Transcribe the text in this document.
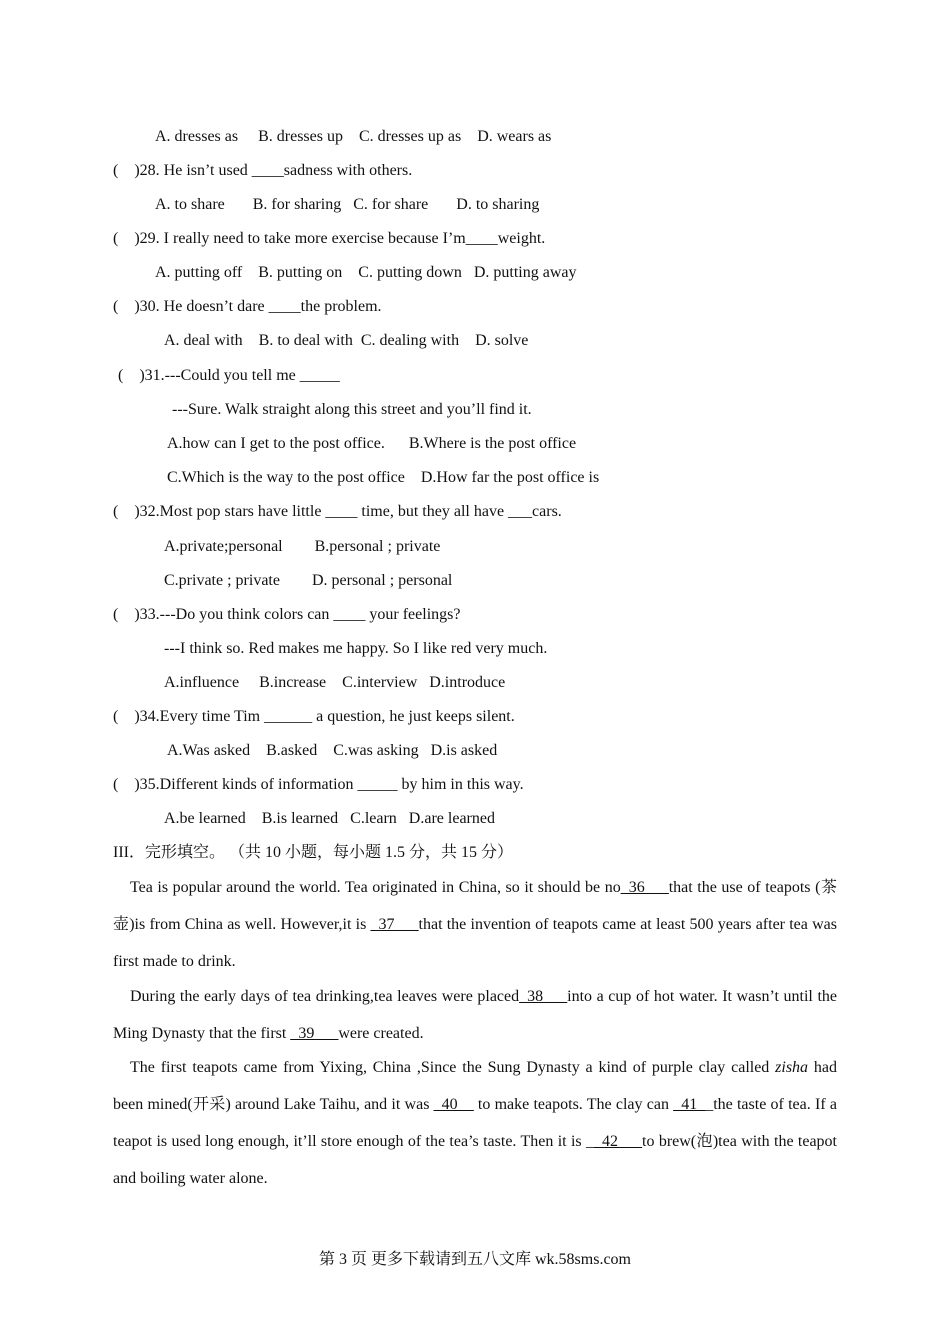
A. dresses as     B. dresses up    C. dresses up as    D. wears as
(    )28. He isn’t used ____sadness with others.
A. to share       B. for sharing   C. for share       D. to sharing
(    )29. I really need to take more exercise because I’m____weight.
A. putting off    B. putting on    C. putting down   D. putting away
(    )30. He doesn’t dare ____the problem.
A. deal with    B. to deal with  C. dealing with    D. solve
(    )31.---Could you tell me _____
---Sure. Walk straight along this street and you’ll find it.
A.how can I get to the post office.      B.Where is the post office
C.Which is the way to the post office    D.How far the post office is
(    )32.Most pop stars have little ____ time, but they all have ___cars.
A.private;personal        B.personal ; private
C.private ; private        D. personal ; personal
(    )33.---Do you think colors can ____ your feelings?
---I think so. Red makes me happy. So I like red very much.
A.influence     B.increase    C.interview   D.introduce
(    )34.Every time Tim ______ a question, he just keeps silent.
A.Was asked    B.asked    C.was asking   D.is asked
(    )35.Different kinds of information _____ by him in this way.
A.be learned    B.is learned   C.learn   D.are learned
III．完形填空。 （共 10 小题，每小题 1.5 分，共 15 分）
Tea is popular around the world. Tea originated in China, so it should be no_36___that the use of teapots (茶壶)is from China as well. However,it is _37___that the invention of teapots came at least 500 years after tea was first made to drink.
During the early days of tea drinking,tea leaves were placed_38___into a cup of hot water. It wasn’t until the Ming Dynasty that the first _39___were created.
The first teapots came from Yixing, China ,Since the Sung Dynasty a kind of purple clay called zisha had been mined(开采) around Lake Taihu, and it was _40__ to make teapots. The clay can _41__the taste of tea. If a teapot is used long enough, it’ll store enough of the tea’s taste. Then it is __42___to brew(泡)tea with the teapot and boiling water alone.
第 3 页 更多下载请到五八文库 wk.58sms.com
